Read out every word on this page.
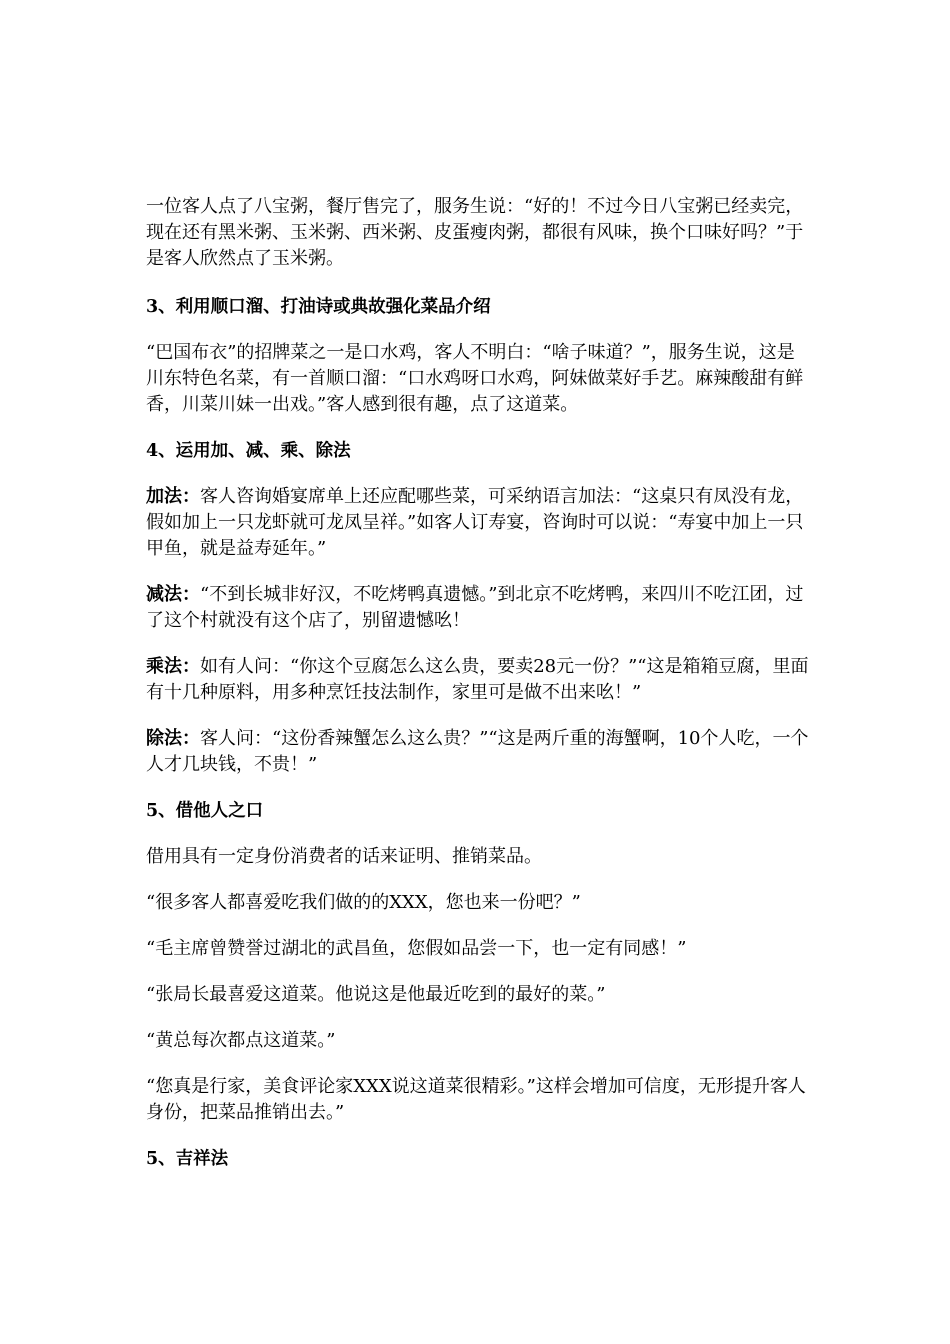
一位客人点了八宝粥，餐厅售完了，服务生说：“好的！不过今日八宝粥已经卖完，现在还有黑米粥、玉米粥、西米粥、皮蛋瘦肉粥，都很有风味，换个口味好吗？”于是客人欣然点了玉米粥。

3、利用顺口溜、打油诗或典故强化菜品介绍

“巴国布衣”的招牌菜之一是口水鸡，客人不明白：“啥子味道？”，服务生说，这是川东特色名菜，有一首顺口溜：“口水鸡呀口水鸡，阿妹做菜好手艺。麻辣酸甜有鲜香，川菜川妹一出戏。”客人感到很有趣，点了这道菜。

4、运用加、减、乘、除法

加法：客人咨询婚宴席单上还应配哪些菜，可采纳语言加法：“这桌只有凤没有龙，假如加上一只龙虾就可龙凤呈祥。”如客人订寿宴，咨询时可以说：“寿宴中加上一只甲鱼，就是益寿延年。”

减法：“不到长城非好汉，不吃烤鸭真遗憾。”到北京不吃烤鸭，来四川不吃江团，过了这个村就没有这个店了，别留遗憾吆！

乘法：如有人问：“你这个豆腐怎么这么贵，要卖28元一份？”“这是箱箱豆腐，里面有十几种原料，用多种烹饪技法制作，家里可是做不出来吆！”

除法：客人问：“这份香辣蟹怎么这么贵？”“这是两斤重的海蟹啊，10个人吃，一个人才几块钱，不贵！”

5、借他人之口

借用具有一定身份消费者的话来证明、推销菜品。

“很多客人都喜爱吃我们做的的XXX，您也来一份吧？”

“毛主席曾赞誉过湖北的武昌鱼，您假如品尝一下，也一定有同感！”

“张局长最喜爱这道菜。他说这是他最近吃到的最好的菜。”

“黄总每次都点这道菜。”

“您真是行家，美食评论家XXX说这道菜很精彩。”这样会增加可信度，无形提升客人身份，把菜品推销出去。”

5、吉祥法
